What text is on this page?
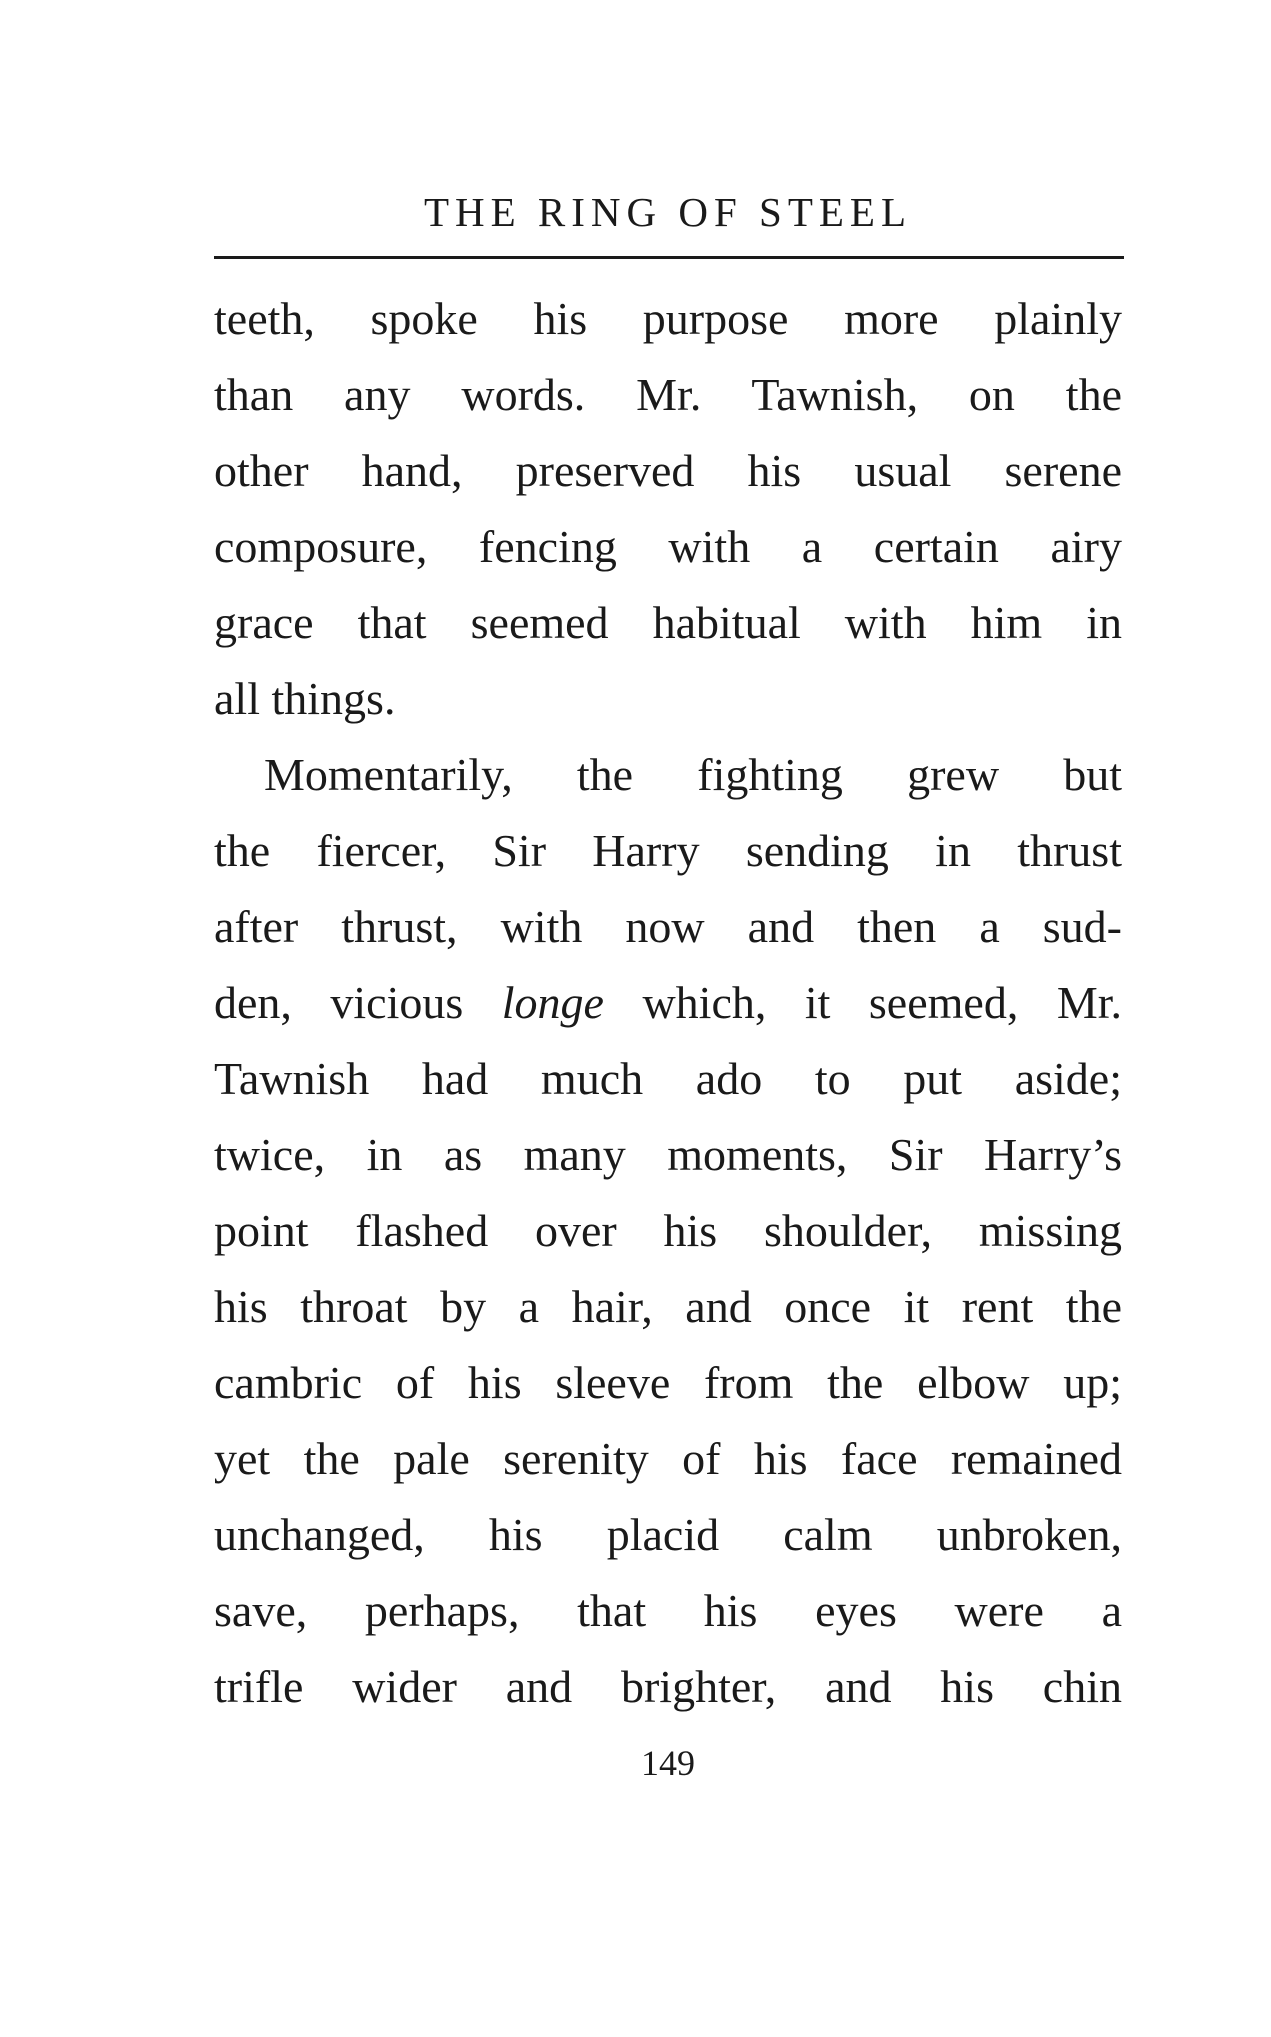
THE RING OF STEEL
teeth, spoke his purpose more plainly
than any words. Mr. Tawnish, on the
other hand, preserved his usual serene
composure, fencing with a certain airy
grace that seemed habitual with him in
all things.
Momentarily, the fighting grew but
the fiercer, Sir Harry sending in thrust
after thrust, with now and then a sud-
den, vicious longe which, it seemed, Mr.
Tawnish had much ado to put aside;
twice, in as many moments, Sir Harry’s
point flashed over his shoulder, missing
his throat by a hair, and once it rent the
cambric of his sleeve from the elbow up;
yet the pale serenity of his face remained
unchanged, his placid calm unbroken,
save, perhaps, that his eyes were a
trifle wider and brighter, and his chin
149
